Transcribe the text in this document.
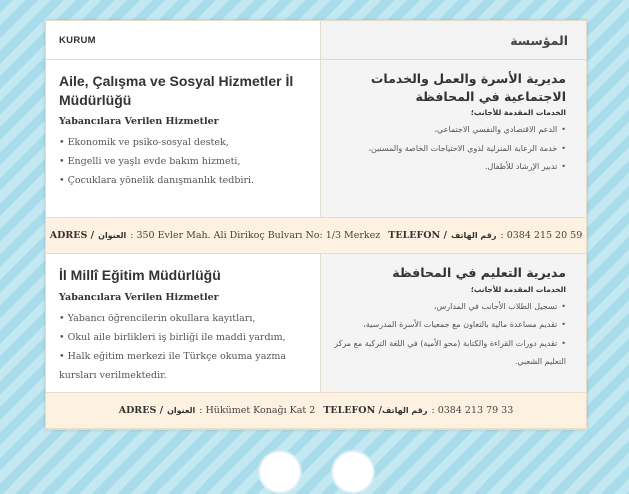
KURUM	المؤسسة
Aile, Çalışma ve Sosyal Hizmetler İl Müdürlüğü
Yabancılara Verilen Hizmetler
• Ekonomik ve psiko-sosyal destek,
• Engelli ve yaşlı evde bakım hizmeti,
• Çocuklara yönelik danışmanlık tedbiri.
مديرية الأسرة والعمل والخدمات الاجتماعية في المحافظة
الخدمات المقدمة للأجانب؛
• الدعم الاقتصادي والنفسي الاجتماعي،
• خدمة الرعاية المنزلية لذوي الاحتياجات الخاصة والمسنين،
• تدبير الإرشاد للأطفال.
ADRES / العنوان : 350 Evler Mah. Ali Dirikoç Bulvarı No: 1/3 Merkez TELEFON / رقم الهاتف : 0384 215 20 59
İl Millî Eğitim Müdürlüğü
Yabancılara Verilen Hizmetler
• Yabancı öğrencilerin okullara kayıtları,
• Okul aile birlikleri iş birliği ile maddi yardım,
• Halk eğitim merkezi ile Türkçe okuma yazma kursları verilmektedir.
مديرية التعليم في المحافظة
الخدمات المقدمة للأجانب؛
• تسجيل الطلاب الأجانب في المدارس،
• تقديم مساعدة مالية بالتعاون مع جمعيات الأسرة المدرسية،
• تقديم دورات القراءة والكتابة (محو الأمية) في اللغة التركية مع مركز التعليم الشعبي.
ADRES / العنوان : Hükümet Konağı Kat 2 TELEFON / رقم الهاتف : 0384 213 79 33
